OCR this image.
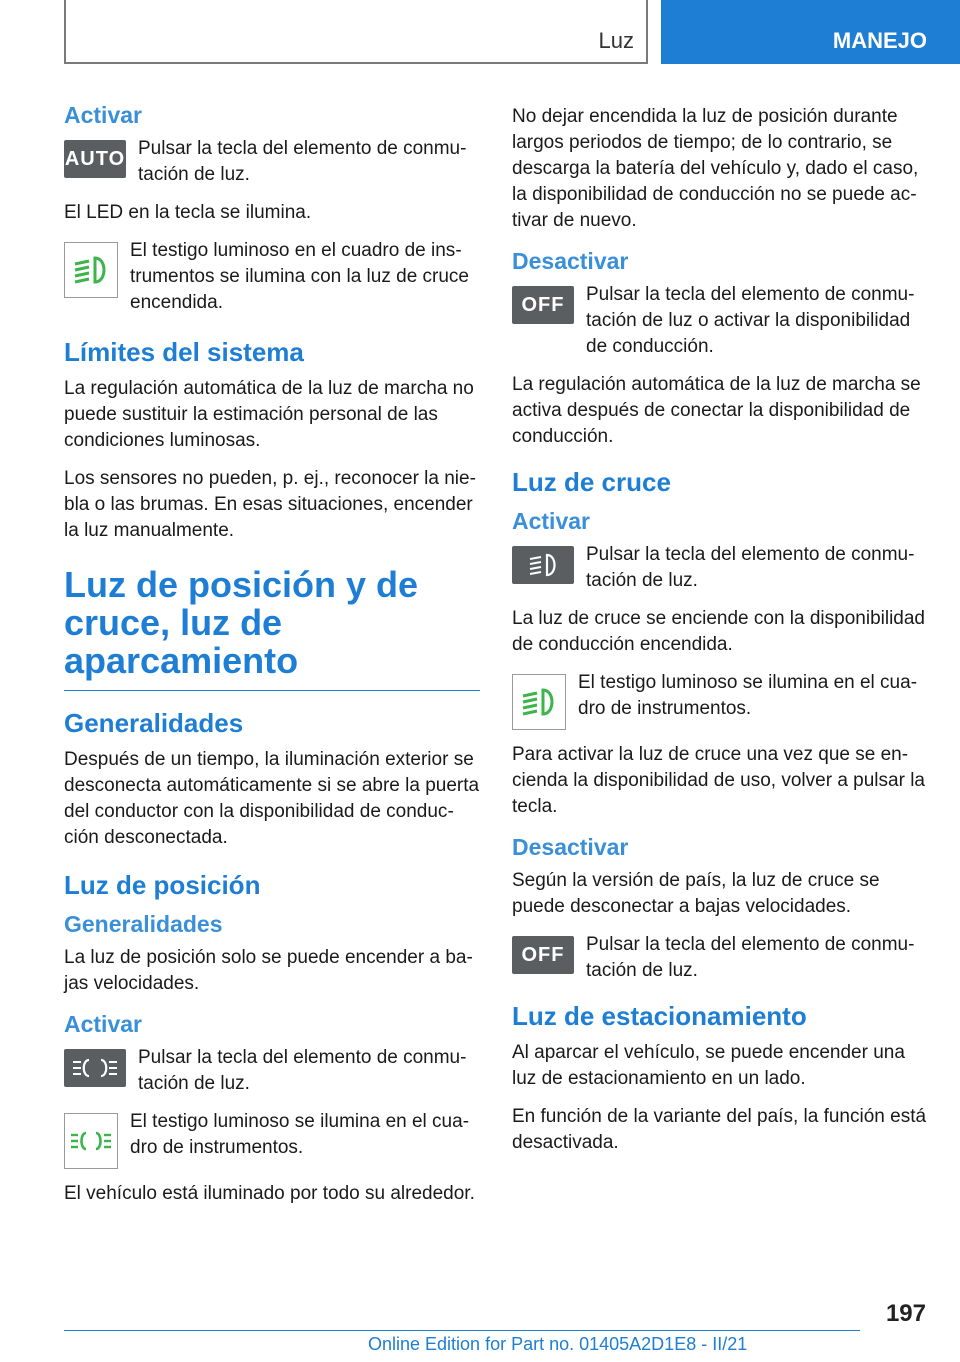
Luz	MANEJO
Activar
AUTO Pulsar la tecla del elemento de conmutación de luz.

El LED en la tecla se ilumina.

El testigo luminoso en el cuadro de instrumentos se ilumina con la luz de cruce encendida.

Límites del sistema

La regulación automática de la luz de marcha no puede sustituir la estimación personal de las condiciones luminosas.

Los sensores no pueden, p. ej., reconocer la niebla o las brumas. En esas situaciones, encender la luz manualmente.

Luz de posición y de cruce, luz de aparcamiento
Generalidades

Después de un tiempo, la iluminación exterior se desconecta automáticamente si se abre la puerta del conductor con la disponibilidad de conducción desconectada.

Luz de posición
Generalidades

La luz de posición solo se puede encender a bajas velocidades.

Activar

Pulsar la tecla del elemento de conmutación de luz.

El testigo luminoso se ilumina en el cuadro de instrumentos.

El vehículo está iluminado por todo su alrededor.

No dejar encendida la luz de posición durante largos periodos de tiempo; de lo contrario, se descarga la batería del vehículo y, dado el caso, la disponibilidad de conducción no se puede activar de nuevo.

Desactivar
OFF	Pulsar la tecla del elemento de conmutación de luz o activar la disponibilidad de conducción.

La regulación automática de la luz de marcha se activa después de conectar la disponibilidad de conducción.

Luz de cruce
Activar

Pulsar la tecla del elemento de conmutación de luz.

La luz de cruce se enciende con la disponibilidad de conducción encendida.

El testigo luminoso se ilumina en el cuadro de instrumentos.

Para activar la luz de cruce una vez que se encienda la disponibilidad de uso, volver a pulsar la tecla.

Desactivar

Según la versión de país, la luz de cruce se puede desconectar a bajas velocidades.

OFF	Pulsar la tecla del elemento de conmutación de luz.

Luz de estacionamiento

Al aparcar el vehículo, se puede encender una luz de estacionamiento en un lado.

En función de la variante del país, la función está desactivada.

197
Online Edition for Part no. 01405A2D1E8 - II/21
